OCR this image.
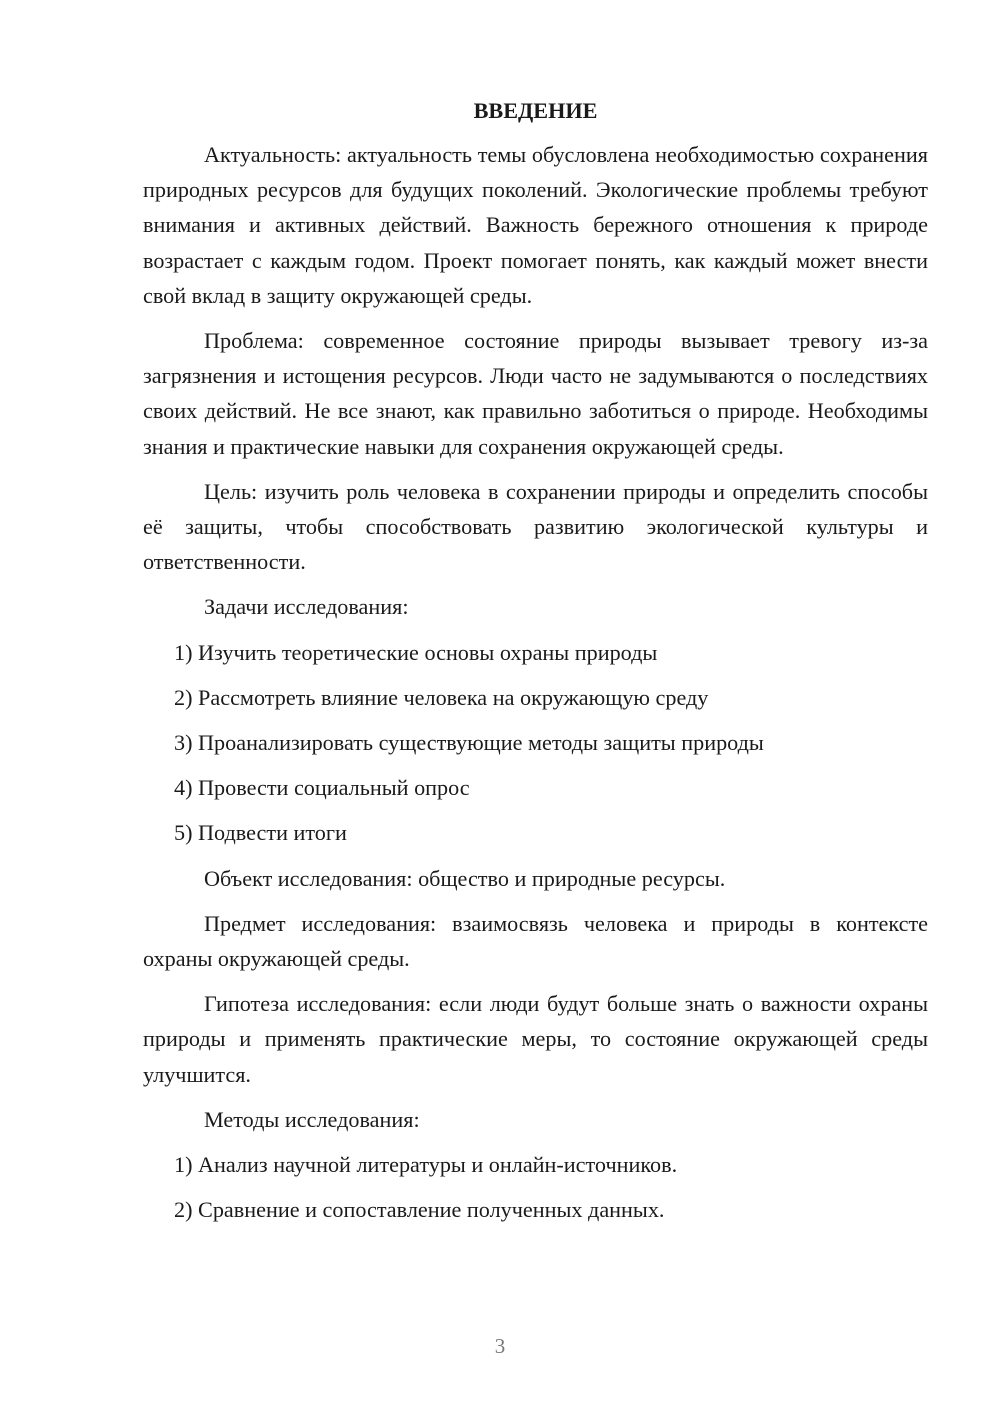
ВВЕДЕНИЕ

Актуальность: актуальность темы обусловлена необходимостью сохранения природных ресурсов для будущих поколений. Экологические проблемы требуют внимания и активных действий. Важность бережного отношения к природе возрастает с каждым годом. Проект помогает понять, как каждый может внести свой вклад в защиту окружающей среды.

Проблема: современное состояние природы вызывает тревогу из-за загрязнения и истощения ресурсов. Люди часто не задумываются о последствиях своих действий. Не все знают, как правильно заботиться о природе. Необходимы знания и практические навыки для сохранения окружающей среды.

Цель: изучить роль человека в сохранении природы и определить способы её защиты, чтобы способствовать развитию экологической культуры и ответственности.

Задачи исследования:

1) Изучить теоретические основы охраны природы
2) Рассмотреть влияние человека на окружающую среду
3) Проанализировать существующие методы защиты природы
4) Провести социальный опрос
5) Подвести итоги

Объект исследования: общество и природные ресурсы.

Предмет исследования: взаимосвязь человека и природы в контексте охраны окружающей среды.

Гипотеза исследования: если люди будут больше знать о важности охраны природы и применять практические меры, то состояние окружающей среды улучшится.

Методы исследования:

1) Анализ научной литературы и онлайн-источников.
2) Сравнение и сопоставление полученных данных.
3
